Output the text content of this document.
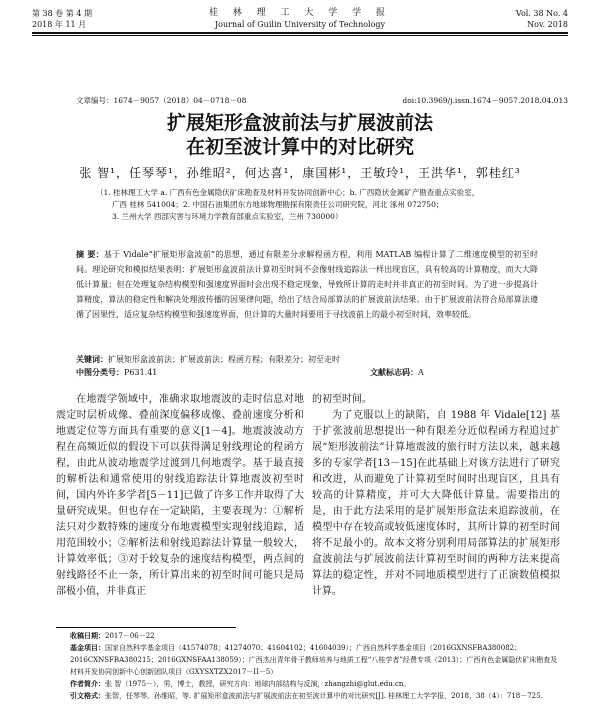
第 38 卷 第 4 期
2018 年 11 月
桂 林 理 工 大 学 学 报
Journal of Guilin University of Technology
Vol. 38 No. 4
Nov. 2018
文章编号：1674－9057（2018）04－0718－08	doi:10.3969/j.issn.1674－9057.2018.04.013
扩展矩形盒波前法与扩展波前法
在初至波计算中的对比研究
张 智¹，任琴琴¹，孙维昭²，何达喜¹，康国彬¹，王敏玲¹，王洪华¹，郭桂红³
（1. 桂林理工大学 a. 广西有色金属隐伏矿床勘查及材料开发协同创新中心；b. 广西隐伏金属矿产勘查重点实验室，
广西 桂林 541004；2. 中国石油集团东方地球物理勘探有限责任公司研究院，河北 涿州 072750；
3. 兰州大学 西部灾害与环境力学教育部重点实验室，兰州 730000）
摘 要：基于 Vidale“扩展矩形盒波前”的思想，通过有限差分求解程函方程，利用 MATLAB 编程计算了二维速度模型的初至时间。理论研究和模拟结果表明：扩展矩形盒波前法计算初至时间不会像射线追踪法一样出现盲区，具有较高的计算精度，而大大降低计算量；但在处理复杂结构模型和强速度界面时会出现不稳定现象，导致所计算的走时并非真正的初至时间。为了进一步提高计算精度，算法的稳定性和解决处理波传播的因果律问题，给出了结合局部算法的扩展波前法结果。由于扩展波前法符合局部算法遵循了因果性，适应复杂结构模型和强速度界面，但计算的大量时间要用于寻找波前上的最小初至时间，效率较低。
关键词：扩展矩形盒波前法；扩展波前法；程函方程；有限差分；初至走时
中图分类号：P631.41	文献标志码：A
在地震学领域中，准确求取地震波的走时信息对地震定时层析成像、叠前深度偏移成像、叠前速度分析和地震定位等方面具有重要的意义[1－4]。地震波波动方程在高频近似的假设下可以获得满足射线理论的程函方程，由此从波动地震学过渡到几何地震学。基于最直接的解析法和通常使用的射线追踪法计算地震波初至时间，国内外许多学者[5－11]已做了许多工作并取得了大量研究成果。但也存在一定缺陷，主要表现为：①解析法只对少数特殊的速度分布地震模型实现射线追踪，适用范围较小；②解析法和射线追踪法计算量一般较大，计算效率低；③对于较复杂的速度结构模型，两点间的射线路径不止一条，所计算出来的初至时间可能只是局部极小值，并非真正

的初至时间。

为了克服以上的缺陷，自 1988 年 Vidale[12] 基于扩张波前思想提出一种有限差分近似程函方程追过扩展“矩形波前法”计算地震波的旅行时方法以来，越来越多的专家学者[13－15]在此基础上对该方法进行了研究和改进，从而避免了计算初至时间时出现盲区，且具有较高的计算精度，并可大大降低计算量。需要指出的是，由于此方法采用的是扩展矩形盒法来追踪波前，在模型中存在较高或较低速度体时，其所计算的初至时间将不足最小的。故本文将分别利用局部算法的扩展矩形盒波前法与扩展波前法计算初至时间的两种方法来提高算法的稳定性，并对不同地质模型进行了正演数值模拟计算。

收稿日期：2017－06－22
基金项目：国家自然科学基金项目（41574078；41274070；41604102；41604039）；广西自然科学基金项目（2016GXNSFBA380082；2016CXNSFBA380215；2016GXNSFAA138059）；广西杰出青年骨干教师培养与地质工程“八桂学者”经费专项（2013）；广西有色金属隐伏矿床勘查及材料开发协同创新中心创新团队项目（GXYSXTZX2017－II－5）
作者简介：张 智（1975－），男，博士，教授，研究方向：地球内部结构与反演，zhangzhi@glut.edu.cn。
引文格式：张智，任琴琴，孙维昭，等. 扩展矩形盒波前法与扩展波前法在初至波计算中的对比研究[J]. 桂林理工大学学报，2018，38（4）：718－725.
